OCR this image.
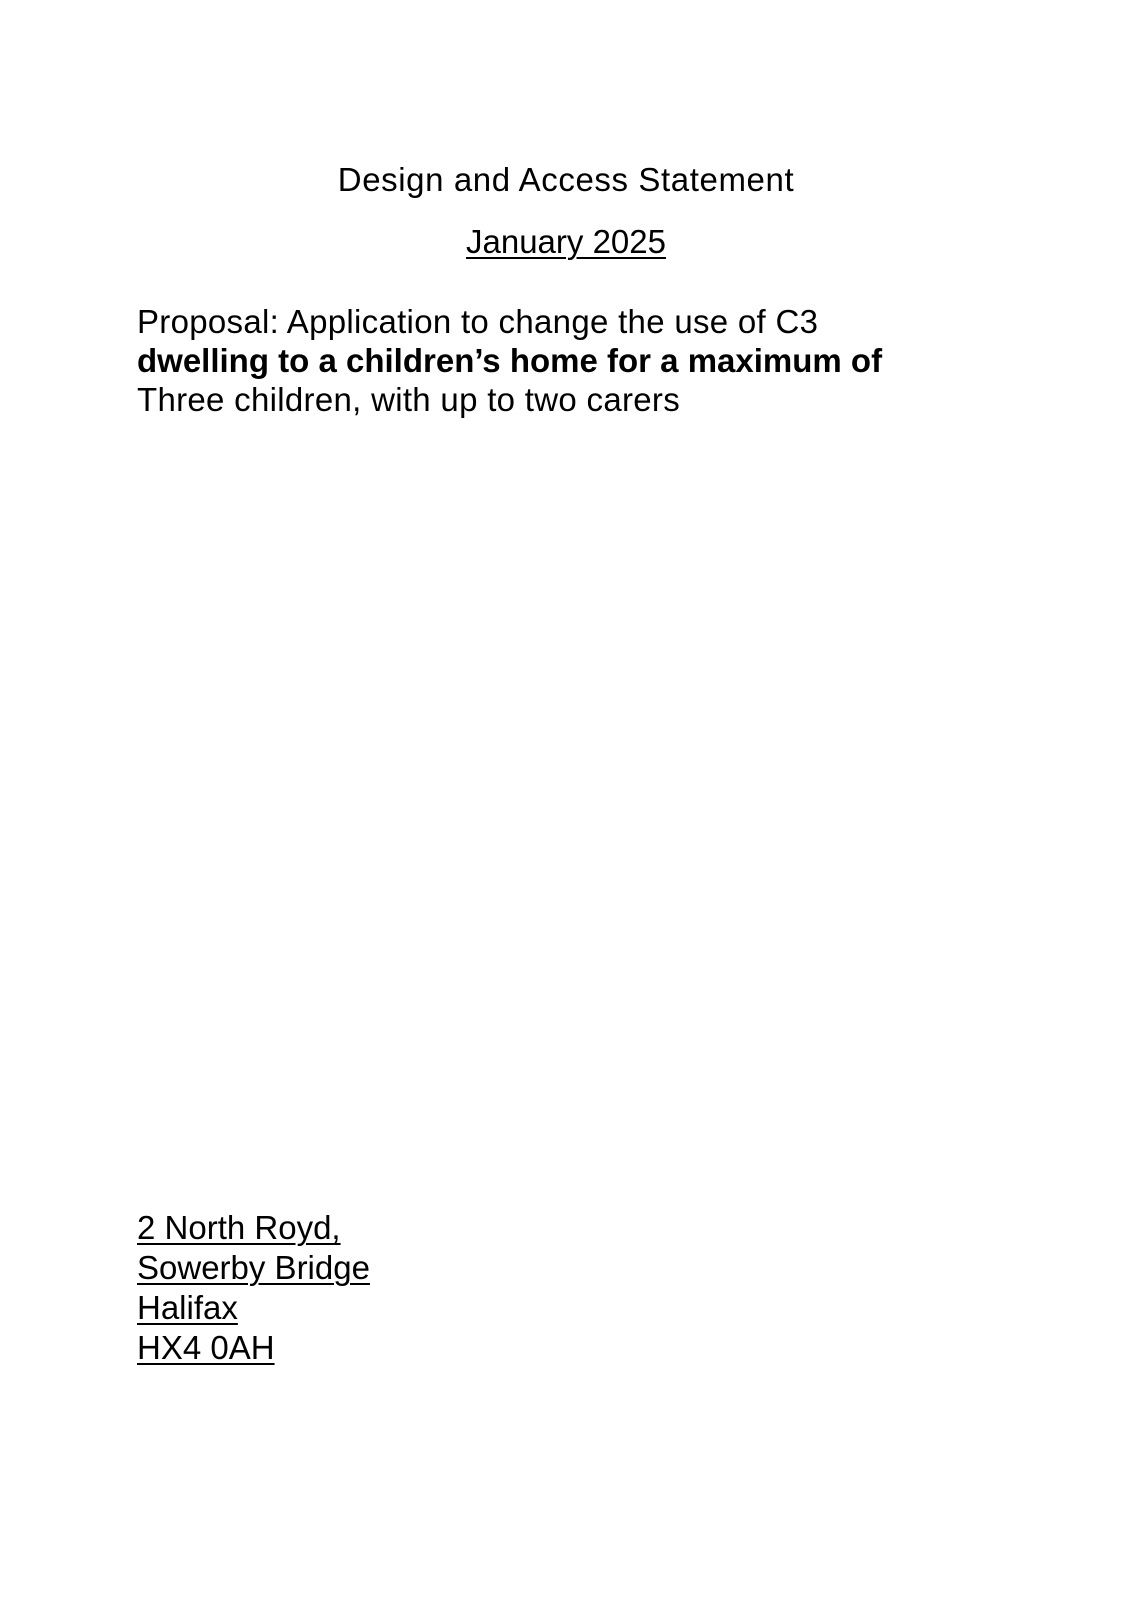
Design and Access Statement

January 2025

Proposal: Application to change the use of C3
dwelling to a children’s home for a maximum of
Three children, with up to two carers

2 North Royd,
Sowerby Bridge
Halifax
HX4 0AH
